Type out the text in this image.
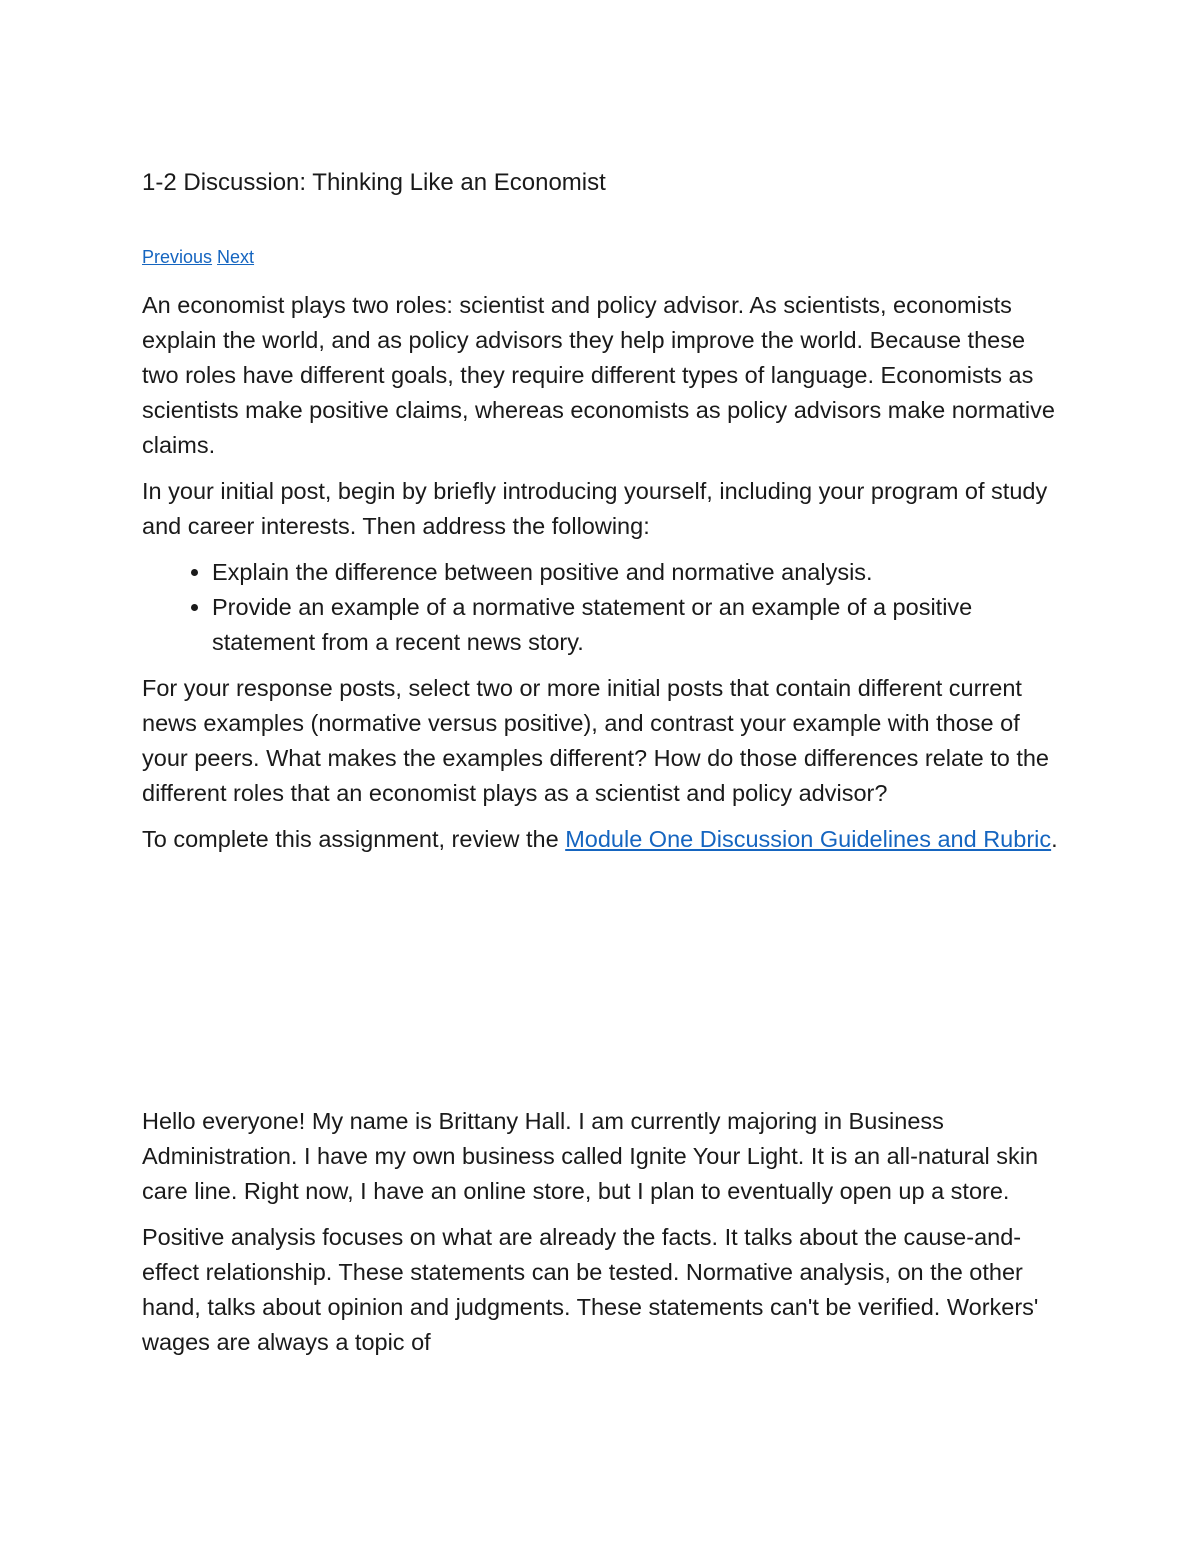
1-2 Discussion: Thinking Like an Economist
Previous Next

An economist plays two roles: scientist and policy advisor. As scientists, economists explain the world, and as policy advisors they help improve the world. Because these two roles have different goals, they require different types of language. Economists as scientists make positive claims, whereas economists as policy advisors make normative claims.

In your initial post, begin by briefly introducing yourself, including your program of study and career interests. Then address the following:

• Explain the difference between positive and normative analysis.
• Provide an example of a normative statement or an example of a positive statement from a recent news story.

For your response posts, select two or more initial posts that contain different current news examples (normative versus positive), and contrast your example with those of your peers. What makes the examples different? How do those differences relate to the different roles that an economist plays as a scientist and policy advisor?

To complete this assignment, review the Module One Discussion Guidelines and Rubric.

Hello everyone! My name is Brittany Hall. I am currently majoring in Business Administration. I have my own business called Ignite Your Light. It is an all-natural skin care line. Right now, I have an online store, but I plan to eventually open up a store.

Positive analysis focuses on what are already the facts. It talks about the cause-and-effect relationship. These statements can be tested. Normative analysis, on the other hand, talks about opinion and judgments. These statements can't be verified. Workers' wages are always a topic of
